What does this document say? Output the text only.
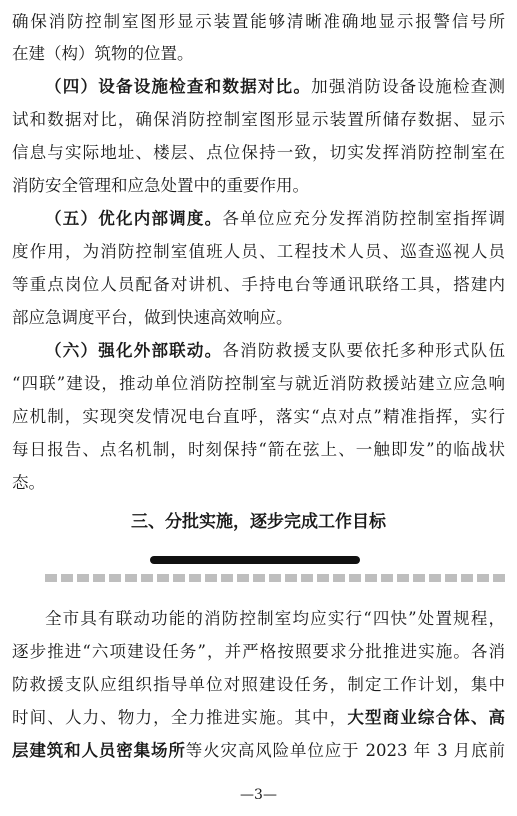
确保消防控制室图形显示装置能够清晰准确地显示报警信号所
在建（构）筑物的位置。
（四）设备设施检查和数据对比。加强消防设备设施检查测
试和数据对比，确保消防控制室图形显示装置所储存数据、显示
信息与实际地址、楼层、点位保持一致，切实发挥消防控制室在
消防安全管理和应急处置中的重要作用。
（五）优化内部调度。各单位应充分发挥消防控制室指挥调
度作用，为消防控制室值班人员、工程技术人员、巡查巡视人员
等重点岗位人员配备对讲机、手持电台等通讯联络工具，搭建内
部应急调度平台，做到快速高效响应。
（六）强化外部联动。各消防救援支队要依托多种形式队伍
“四联”建设，推动单位消防控制室与就近消防救援站建立应急响
应机制，实现突发情况电台直呼，落实“点对点”精准指挥，实行
每日报告、点名机制，时刻保持“箭在弦上、一触即发”的临战状
态。
三、分批实施，逐步完成工作目标
全市具有联动功能的消防控制室均应实行“四快”处置规程，
逐步推进“六项建设任务”，并严格按照要求分批推进实施。各消
防救援支队应组织指导单位对照建设任务，制定工作计划，集中
时间、人力、物力，全力推进实施。其中，大型商业综合体、高
层建筑和人员密集场所等火灾高风险单位应于 2023 年 3 月底前
—3—
